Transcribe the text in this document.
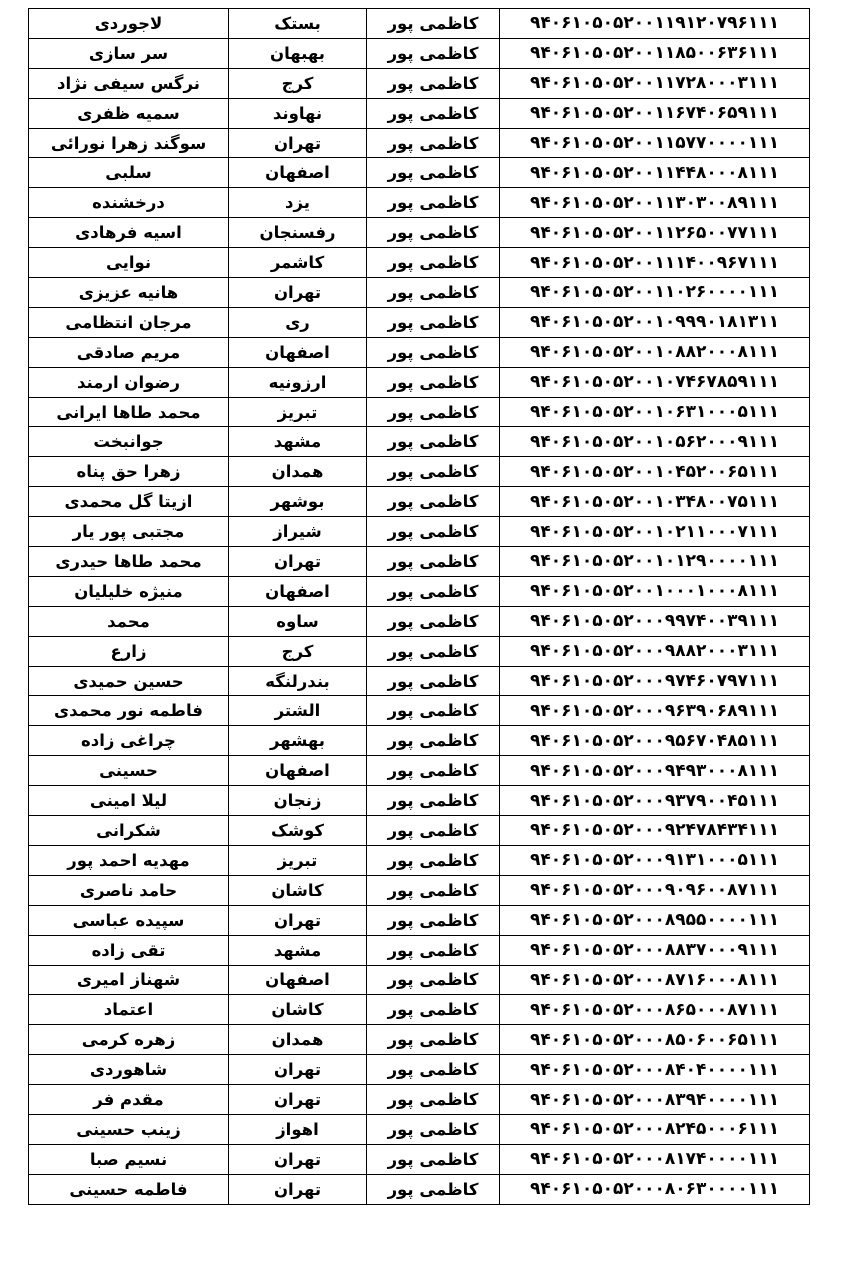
لاجوردی	بستک	کاظمی پور	۹۴۰۶۱۰۵۰۵۲۰۰۱۱۹۱۲۰۷۹۶۱۱۱
سر سازی	بهبهان	کاظمی پور	۹۴۰۶۱۰۵۰۵۲۰۰۱۱۸۵۰۰۶۳۶۱۱۱
نرگس سیفی نژاد	کرج	کاظمی پور	۹۴۰۶۱۰۵۰۵۲۰۰۱۱۷۲۸۰۰۰۳۱۱۱
سمیه ظفری	نهاوند	کاظمی پور	۹۴۰۶۱۰۵۰۵۲۰۰۱۱۶۷۴۰۶۵۹۱۱۱
سوگند زهرا نورائی	تهران	کاظمی پور	۹۴۰۶۱۰۵۰۵۲۰۰۱۱۵۷۷۰۰۰۰۱۱۱
سلبی	اصفهان	کاظمی پور	۹۴۰۶۱۰۵۰۵۲۰۰۱۱۴۴۸۰۰۰۸۱۱۱
درخشنده	یزد	کاظمی پور	۹۴۰۶۱۰۵۰۵۲۰۰۱۱۳۰۳۰۰۸۹۱۱۱
اسیه فرهادی	رفسنجان	کاظمی پور	۹۴۰۶۱۰۵۰۵۲۰۰۱۱۲۶۵۰۰۷۷۱۱۱
نوایی	کاشمر	کاظمی پور	۹۴۰۶۱۰۵۰۵۲۰۰۱۱۱۴۰۰۹۶۷۱۱۱
هانیه عزیزی	تهران	کاظمی پور	۹۴۰۶۱۰۵۰۵۲۰۰۱۱۰۲۶۰۰۰۰۱۱۱
مرجان انتظامی	ری	کاظمی پور	۹۴۰۶۱۰۵۰۵۲۰۰۱۰۹۹۹۰۱۸۱۳۱۱
مریم صادقی	اصفهان	کاظمی پور	۹۴۰۶۱۰۵۰۵۲۰۰۱۰۸۸۲۰۰۰۸۱۱۱
رضوان ارمند	ارزونیه	کاظمی پور	۹۴۰۶۱۰۵۰۵۲۰۰۱۰۷۴۶۷۸۵۹۱۱۱
محمد طاها ایرانی	تبریز	کاظمی پور	۹۴۰۶۱۰۵۰۵۲۰۰۱۰۶۳۱۰۰۰۵۱۱۱
جوانبخت	مشهد	کاظمی پور	۹۴۰۶۱۰۵۰۵۲۰۰۱۰۵۶۲۰۰۰۹۱۱۱
زهرا حق پناه	همدان	کاظمی پور	۹۴۰۶۱۰۵۰۵۲۰۰۱۰۴۵۲۰۰۶۵۱۱۱
ازیتا گل محمدی	بوشهر	کاظمی پور	۹۴۰۶۱۰۵۰۵۲۰۰۱۰۳۴۸۰۰۷۵۱۱۱
مجتبی پور یار	شیراز	کاظمی پور	۹۴۰۶۱۰۵۰۵۲۰۰۱۰۲۱۱۰۰۰۷۱۱۱
محمد طاها حیدری	تهران	کاظمی پور	۹۴۰۶۱۰۵۰۵۲۰۰۱۰۱۲۹۰۰۰۰۱۱۱
منیژه خلیلیان	اصفهان	کاظمی پور	۹۴۰۶۱۰۵۰۵۲۰۰۱۰۰۰۱۰۰۰۸۱۱۱
محمد	ساوه	کاظمی پور	۹۴۰۶۱۰۵۰۵۲۰۰۰۹۹۷۴۰۰۳۹۱۱۱
زارع	کرج	کاظمی پور	۹۴۰۶۱۰۵۰۵۲۰۰۰۹۸۸۲۰۰۰۳۱۱۱
حسین حمیدی	بندرلنگه	کاظمی پور	۹۴۰۶۱۰۵۰۵۲۰۰۰۹۷۴۶۰۷۹۷۱۱۱
فاطمه نور محمدی	الشتر	کاظمی پور	۹۴۰۶۱۰۵۰۵۲۰۰۰۹۶۳۹۰۶۸۹۱۱۱
چراغی زاده	بهشهر	کاظمی پور	۹۴۰۶۱۰۵۰۵۲۰۰۰۹۵۶۷۰۴۸۵۱۱۱
حسینی	اصفهان	کاظمی پور	۹۴۰۶۱۰۵۰۵۲۰۰۰۹۴۹۳۰۰۰۸۱۱۱
لیلا امینی	زنجان	کاظمی پور	۹۴۰۶۱۰۵۰۵۲۰۰۰۹۳۷۹۰۰۴۵۱۱۱
شکرانی	کوشک	کاظمی پور	۹۴۰۶۱۰۵۰۵۲۰۰۰۹۲۴۷۸۴۳۴۱۱۱
مهدیه احمد پور	تبریز	کاظمی پور	۹۴۰۶۱۰۵۰۵۲۰۰۰۹۱۳۱۰۰۰۵۱۱۱
حامد ناصری	کاشان	کاظمی پور	۹۴۰۶۱۰۵۰۵۲۰۰۰۹۰۹۶۰۰۸۷۱۱۱
سپیده عباسی	تهران	کاظمی پور	۹۴۰۶۱۰۵۰۵۲۰۰۰۸۹۵۵۰۰۰۰۱۱۱
تقی زاده	مشهد	کاظمی پور	۹۴۰۶۱۰۵۰۵۲۰۰۰۸۸۳۷۰۰۰۹۱۱۱
شهناز امیری	اصفهان	کاظمی پور	۹۴۰۶۱۰۵۰۵۲۰۰۰۸۷۱۶۰۰۰۸۱۱۱
اعتماد	کاشان	کاظمی پور	۹۴۰۶۱۰۵۰۵۲۰۰۰۸۶۵۰۰۰۸۷۱۱۱
زهره کرمی	همدان	کاظمی پور	۹۴۰۶۱۰۵۰۵۲۰۰۰۸۵۰۶۰۰۶۵۱۱۱
شاهوردی	تهران	کاظمی پور	۹۴۰۶۱۰۵۰۵۲۰۰۰۸۴۰۴۰۰۰۰۱۱۱
مقدم فر	تهران	کاظمی پور	۹۴۰۶۱۰۵۰۵۲۰۰۰۸۳۹۴۰۰۰۰۱۱۱
زینب حسینی	اهواز	کاظمی پور	۹۴۰۶۱۰۵۰۵۲۰۰۰۸۲۴۵۰۰۰۶۱۱۱
نسیم صبا	تهران	کاظمی پور	۹۴۰۶۱۰۵۰۵۲۰۰۰۸۱۷۴۰۰۰۰۱۱۱
فاطمه حسینی	تهران	کاظمی پور	۹۴۰۶۱۰۵۰۵۲۰۰۰۸۰۶۳۰۰۰۰۱۱۱
